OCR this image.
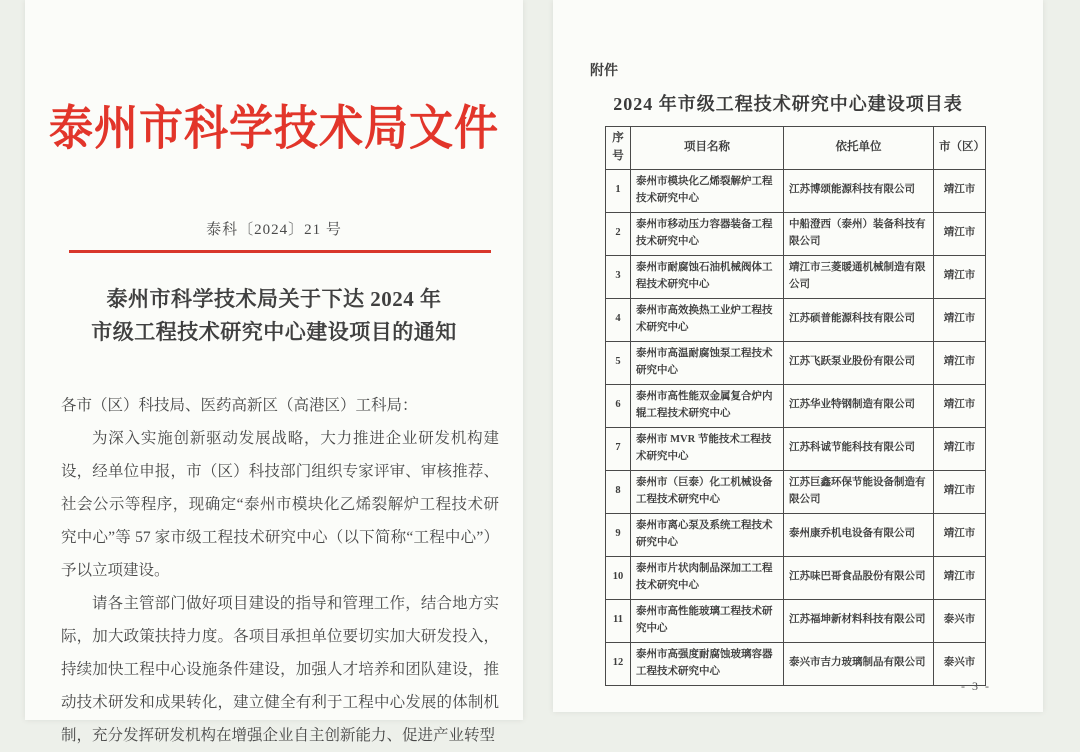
泰州市科学技术局文件
泰科〔2024〕21 号
泰州市科学技术局关于下达 2024 年
市级工程技术研究中心建设项目的通知

各市（区）科技局、医药高新区（高港区）工科局：

为深入实施创新驱动发展战略，大力推进企业研发机构建设，经单位申报，市（区）科技部门组织专家评审、审核推荐、社会公示等程序，现确定“泰州市模块化乙烯裂解炉工程技术研究中心”等 57 家市级工程技术研究中心（以下简称“工程中心”）予以立项建设。

请各主管部门做好项目建设的指导和管理工作，结合地方实际，加大政策扶持力度。各项目承担单位要切实加大研发投入，持续加快工程中心设施条件建设，加强人才培养和团队建设，推动技术研发和成果转化，建立健全有利于工程中心发展的体制机制，充分发挥研发机构在增强企业自主创新能力、促进产业转型

附件
2024 年市级工程技术研究中心建设项目表
序号	项目名称	依托单位	市（区）
1	泰州市模块化乙烯裂解炉工程技术研究中心	江苏博颂能源科技有限公司	靖江市
2	泰州市移动压力容器装备工程技术研究中心	中船澄西（泰州）装备科技有限公司	靖江市
3	泰州市耐腐蚀石油机械阀体工程技术研究中心	靖江市三菱暖通机械制造有限公司	靖江市
4	泰州市高效换热工业炉工程技术研究中心	江苏硕普能源科技有限公司	靖江市
5	泰州市高温耐腐蚀泵工程技术研究中心	江苏飞跃泵业股份有限公司	靖江市
6	泰州市高性能双金属复合炉内辊工程技术研究中心	江苏华业特钢制造有限公司	靖江市
7	泰州市 MVR 节能技术工程技术研究中心	江苏科诚节能科技有限公司	靖江市
8	泰州市（巨泰）化工机械设备工程技术研究中心	江苏巨鑫环保节能设备制造有限公司	靖江市
9	泰州市离心泵及系统工程技术研究中心	泰州康乔机电设备有限公司	靖江市
10	泰州市片状肉制品深加工工程技术研究中心	江苏味巴哥食品股份有限公司	靖江市
11	泰州市高性能玻璃工程技术研究中心	江苏福坤新材料科技有限公司	泰兴市
12	泰州市高强度耐腐蚀玻璃容器工程技术研究中心	泰兴市吉力玻璃制品有限公司	泰兴市
- 3 -
